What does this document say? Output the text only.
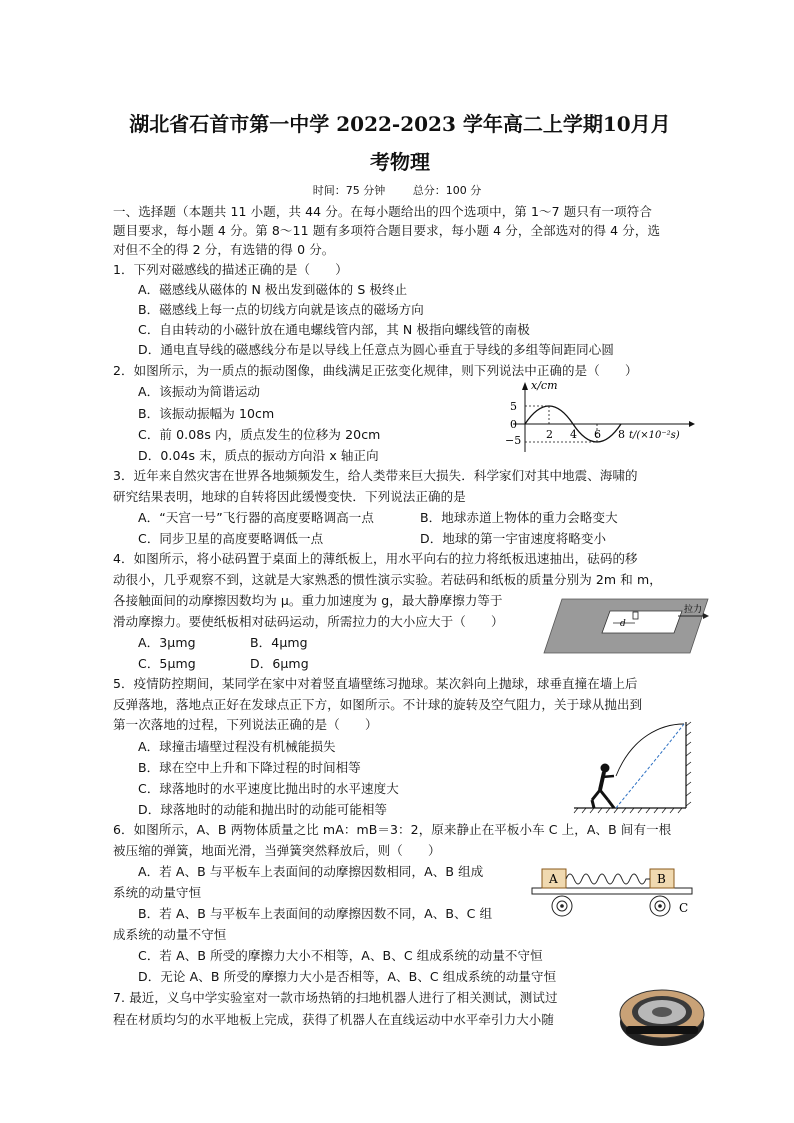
湖北省石首市第一中学 2022-2023 学年高二上学期10月月
考物理
时间：75 分钟	总分：100 分
一、选择题（本题共 11 小题，共 44 分。在每小题给出的四个选项中，第 1～7 题只有一项符合
题目要求，每小题 4 分。第 8～11 题有多项符合题目要求，每小题 4 分，全部选对的得 4 分，选
对但不全的得 2 分，有选错的得 0 分。
1．下列对磁感线的描述正确的是（　　）
A．磁感线从磁体的 N 极出发到磁体的 S 极终止
B．磁感线上每一点的切线方向就是该点的磁场方向
C．自由转动的小磁针放在通电螺线管内部，其 N 极指向螺线管的南极
D．通电直导线的磁感线分布是以导线上任意点为圆心垂直于导线的多组等间距同心圆
2．如图所示，为一质点的振动图像，曲线满足正弦变化规律，则下列说法中正确的是（　　）
A．该振动为简谐运动
B．该振动振幅为 10cm
C．前 0.08s 内，质点发生的位移为 20cm
D．0.04s 末，质点的振动方向沿 x 轴正向
x/cm
5
0
−5 2 4 6 8 t/(×10⁻²s)
3．近年来自然灾害在世界各地频频发生，给人类带来巨大损失．科学家们对其中地震、海啸的
研究结果表明，地球的自转将因此缓慢变快．下列说法正确的是
A．“天宫一号”飞行器的高度要略调高一点	B．地球赤道上物体的重力会略变大
C．同步卫星的高度要略调低一点	D．地球的第一宇宙速度将略变小
4．如图所示，将小砝码置于桌面上的薄纸板上，用水平向右的拉力将纸板迅速抽出，砝码的移
动很小，几乎观察不到，这就是大家熟悉的惯性演示实验。若砝码和纸板的质量分别为 2m 和 m，
各接触面间的动摩擦因数均为 μ。重力加速度为 g，最大静摩擦力等于
滑动摩擦力。要使纸板相对砝码运动，所需拉力的大小应大于（　　）
A．3μmg	B．4μmg
C．5μmg	D．6μmg
d
拉力
5．疫情防控期间，某同学在家中对着竖直墙壁练习抛球。某次斜向上抛球，球垂直撞在墙上后
反弹落地，落地点正好在发球点正下方，如图所示。不计球的旋转及空气阻力，关于球从抛出到
第一次落地的过程，下列说法正确的是（　　）
A．球撞击墙壁过程没有机械能损失
B．球在空中上升和下降过程的时间相等
C．球落地时的水平速度比抛出时的水平速度大
D．球落地时的动能和抛出时的动能可能相等
6．如图所示，A、B 两物体质量之比 mA：mB＝3：2，原来静止在平板小车 C 上，A、B 间有一根
被压缩的弹簧，地面光滑，当弹簧突然释放后，则（　　）
A．若 A、B 与平板车上表面间的动摩擦因数相同，A、B 组成
系统的动量守恒
B．若 A、B 与平板车上表面间的动摩擦因数不同，A、B、C 组
成系统的动量不守恒
C．若 A、B 所受的摩擦力大小不相等，A、B、C 组成系统的动量不守恒
D．无论 A、B 所受的摩擦力大小是否相等，A、B、C 组成系统的动量守恒
A	B
C
7. 最近，义乌中学实验室对一款市场热销的扫地机器人进行了相关测试，测试过
程在材质均匀的水平地板上完成，获得了机器人在直线运动中水平牵引力大小随
